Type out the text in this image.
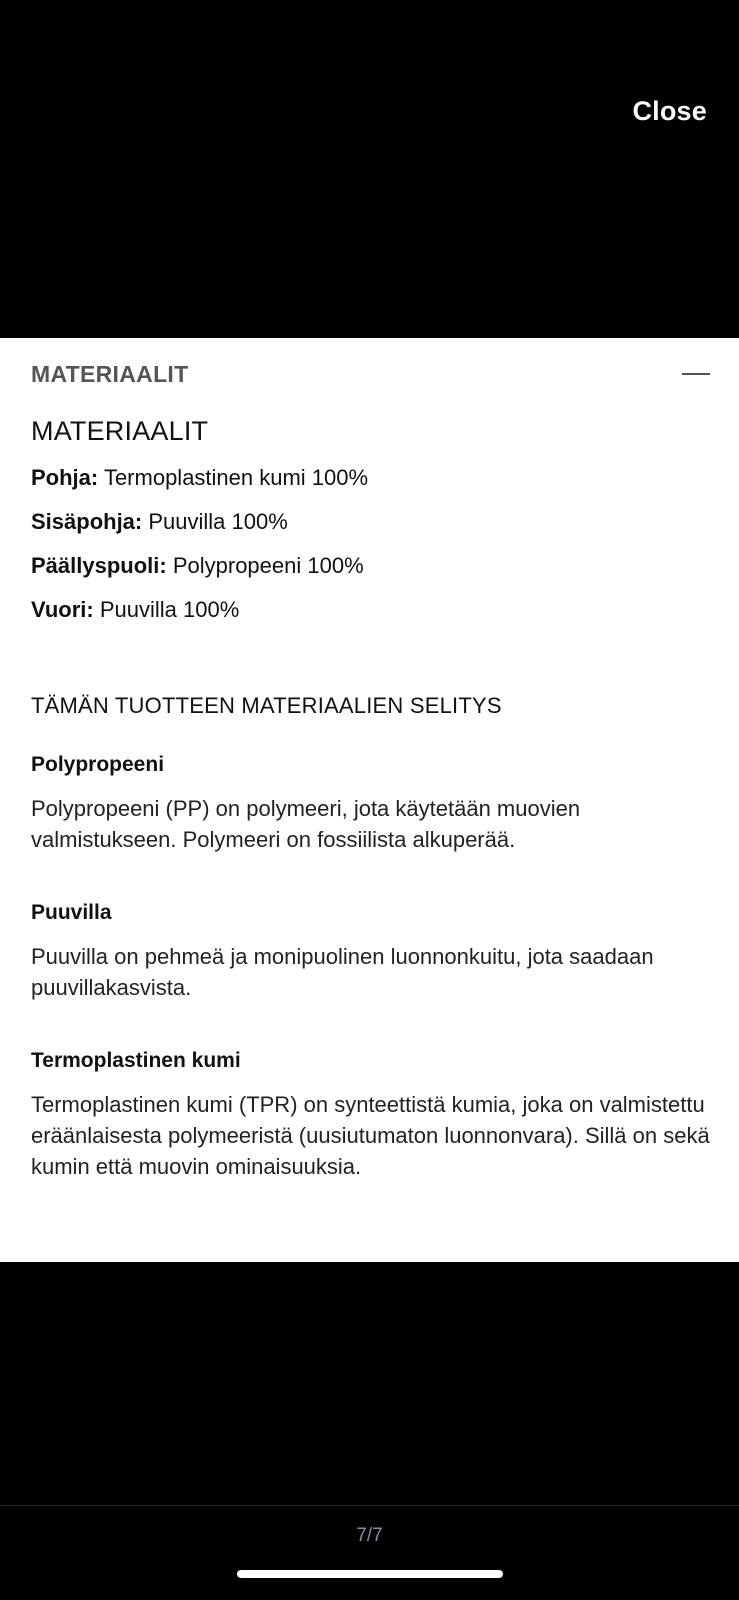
Close
MATERIAALIT
MATERIAALIT
Pohja: Termoplastinen kumi 100%
Sisäpohja: Puuvilla 100%
Päällyspuoli: Polypropeeni 100%
Vuori: Puuvilla 100%
TÄMÄN TUOTTEEN MATERIAALIEN SELITYS
Polypropeeni
Polypropeeni (PP) on polymeeri, jota käytetään muovien valmistukseen. Polymeeri on fossiilista alkuperää.
Puuvilla
Puuvilla on pehmeä ja monipuolinen luonnonkuitu, jota saadaan puuvillakasvista.
Termoplastinen kumi
Termoplastinen kumi (TPR) on synteettistä kumia, joka on valmistettu eräänlaisesta polymeeristä (uusiutumaton luonnonvara). Sillä on sekä kumin että muovin ominaisuuksia.
7/7
